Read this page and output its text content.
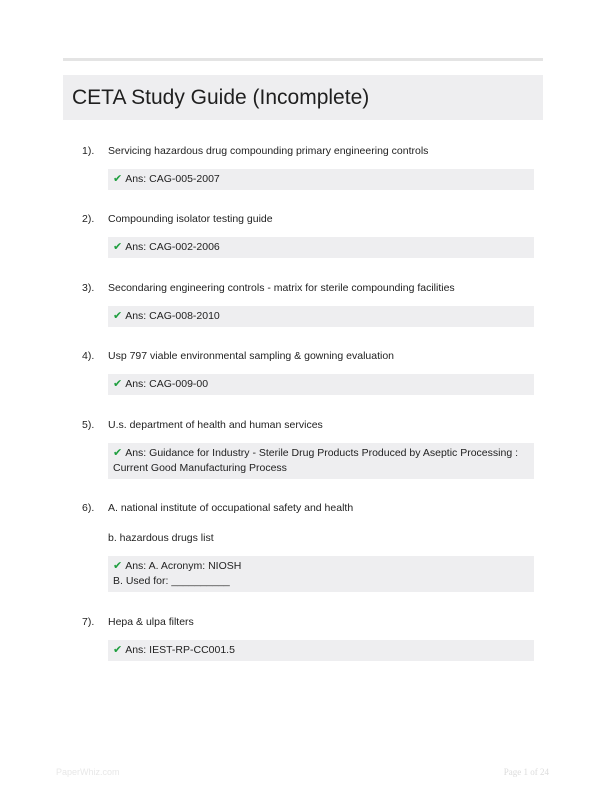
CETA Study Guide (Incomplete)
1). Servicing hazardous drug compounding primary engineering controls
✔ Ans: CAG-005-2007
2). Compounding isolator testing guide
✔ Ans: CAG-002-2006
3). Secondaring engineering controls - matrix for sterile compounding facilities
✔ Ans: CAG-008-2010
4). Usp 797 viable environmental sampling & gowning evaluation
✔ Ans: CAG-009-00
5). U.s. department of health and human services
✔ Ans: Guidance for Industry - Sterile Drug Products Produced by Aseptic Processing :
Current Good Manufacturing Process
6). A. national institute of occupational safety and health
b. hazardous drugs list
✔ Ans: A. Acronym: NIOSH
B. Used for: __________
7). Hepa & ulpa filters
✔ Ans: IEST-RP-CC001.5
PaperWhiz.com	Page 1 of 24
